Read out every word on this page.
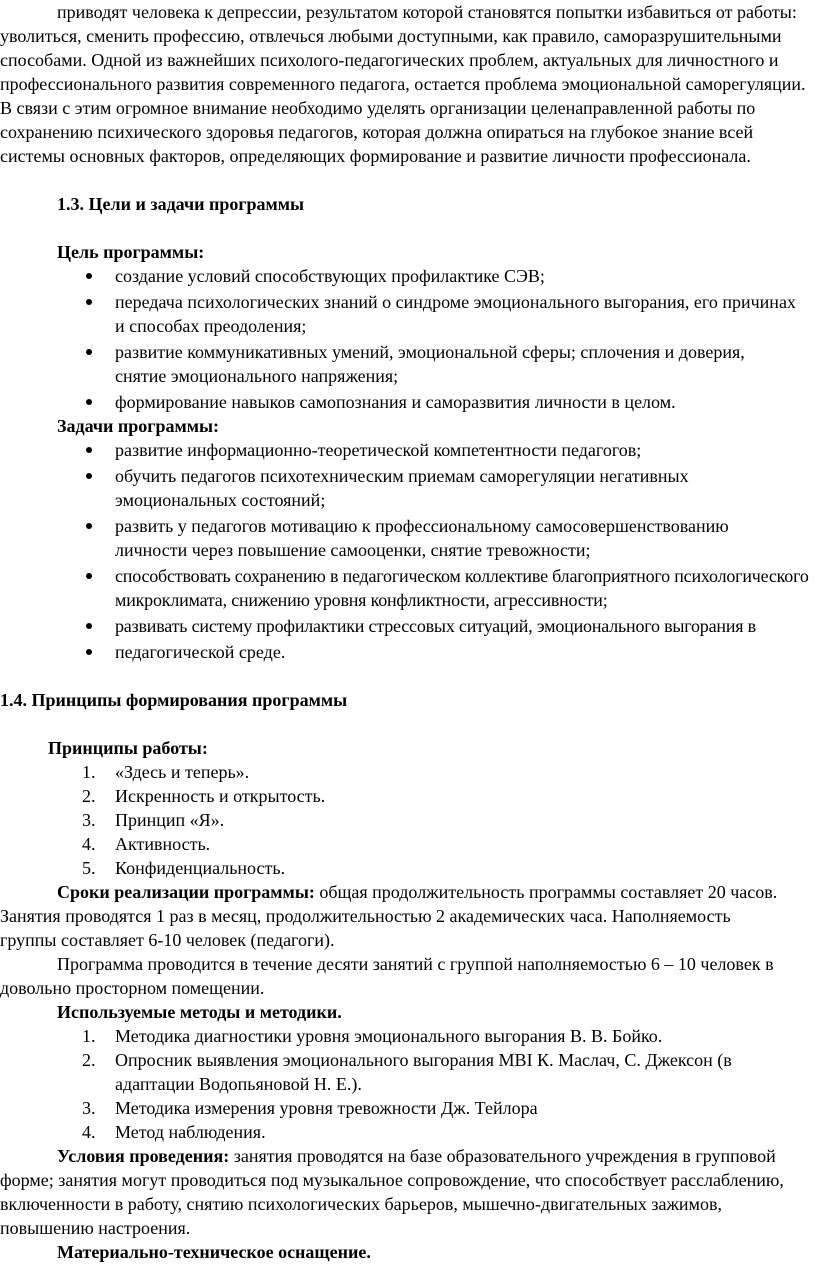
приводят человека к депрессии, результатом которой становятся попытки избавиться от работы: уволиться, сменить профессию, отвлечься любыми доступными, как правило, саморазрушительными способами. Одной из важнейших психолого-педагогических проблем, актуальных для личностного и профессионального развития современного педагога, остается проблема эмоциональной саморегуляции. В связи с этим огромное внимание необходимо уделять организации целенаправленной работы по сохранению психического здоровья педагогов, которая должна опираться на глубокое знание всей системы основных факторов, определяющих формирование и развитие личности профессионала.

1.3. Цели и задачи программы

Цель программы:

создание условий способствующих профилактике СЭВ;
передача психологических знаний о синдроме эмоционального выгорания, его причинах и способах преодоления;
развитие коммуникативных умений, эмоциональной сферы; сплочения и доверия, снятие эмоционального напряжения;
формирование навыков самопознания и саморазвития личности в целом.

Задачи программы:

развитие информационно-теоретической компетентности педагогов;
обучить педагогов психотехническим приемам саморегуляции негативных эмоциональных состояний;
развить у педагогов мотивацию к профессиональному самосовершенствованию личности через повышение самооценки, снятие тревожности;
способствовать сохранению в педагогическом коллективе благоприятного психологического микроклимата, снижению уровня конфликтности, агрессивности;
развивать систему профилактики стрессовых ситуаций, эмоционального выгорания в
педагогической среде.

1.4. Принципы формирования программы

Принципы работы:

1.	«Здесь и теперь».
2.	Искренность и открытость.
3.	Принцип «Я».
4.	Активность.
5.	Конфиденциальность.

Сроки реализации программы: общая продолжительность программы составляет 20 часов. Занятия проводятся 1 раз в месяц, продолжительностью 2 академических часа. Наполняемость группы составляет 6-10 человек (педагоги).

Программа проводится в течение десяти занятий с группой наполняемостью 6 – 10 человек в довольно просторном помещении.

Используемые методы и методики.

1.	Методика диагностики уровня эмоционального выгорания В. В. Бойко.
2.	Опросник выявления эмоционального выгорания MBI К. Маслач, С. Джексон (в адаптации Водопьяновой Н. Е.).
3.	Методика измерения уровня тревожности Дж. Тейлора
4.	Метод наблюдения.

Условия проведения: занятия проводятся на базе образовательного учреждения в групповой форме; занятия могут проводиться под музыкальное сопровождение, что способствует расслаблению, включенности в работу, снятию психологических барьеров, мышечно-двигательных зажимов, повышению настроения.

Материально-техническое оснащение.
